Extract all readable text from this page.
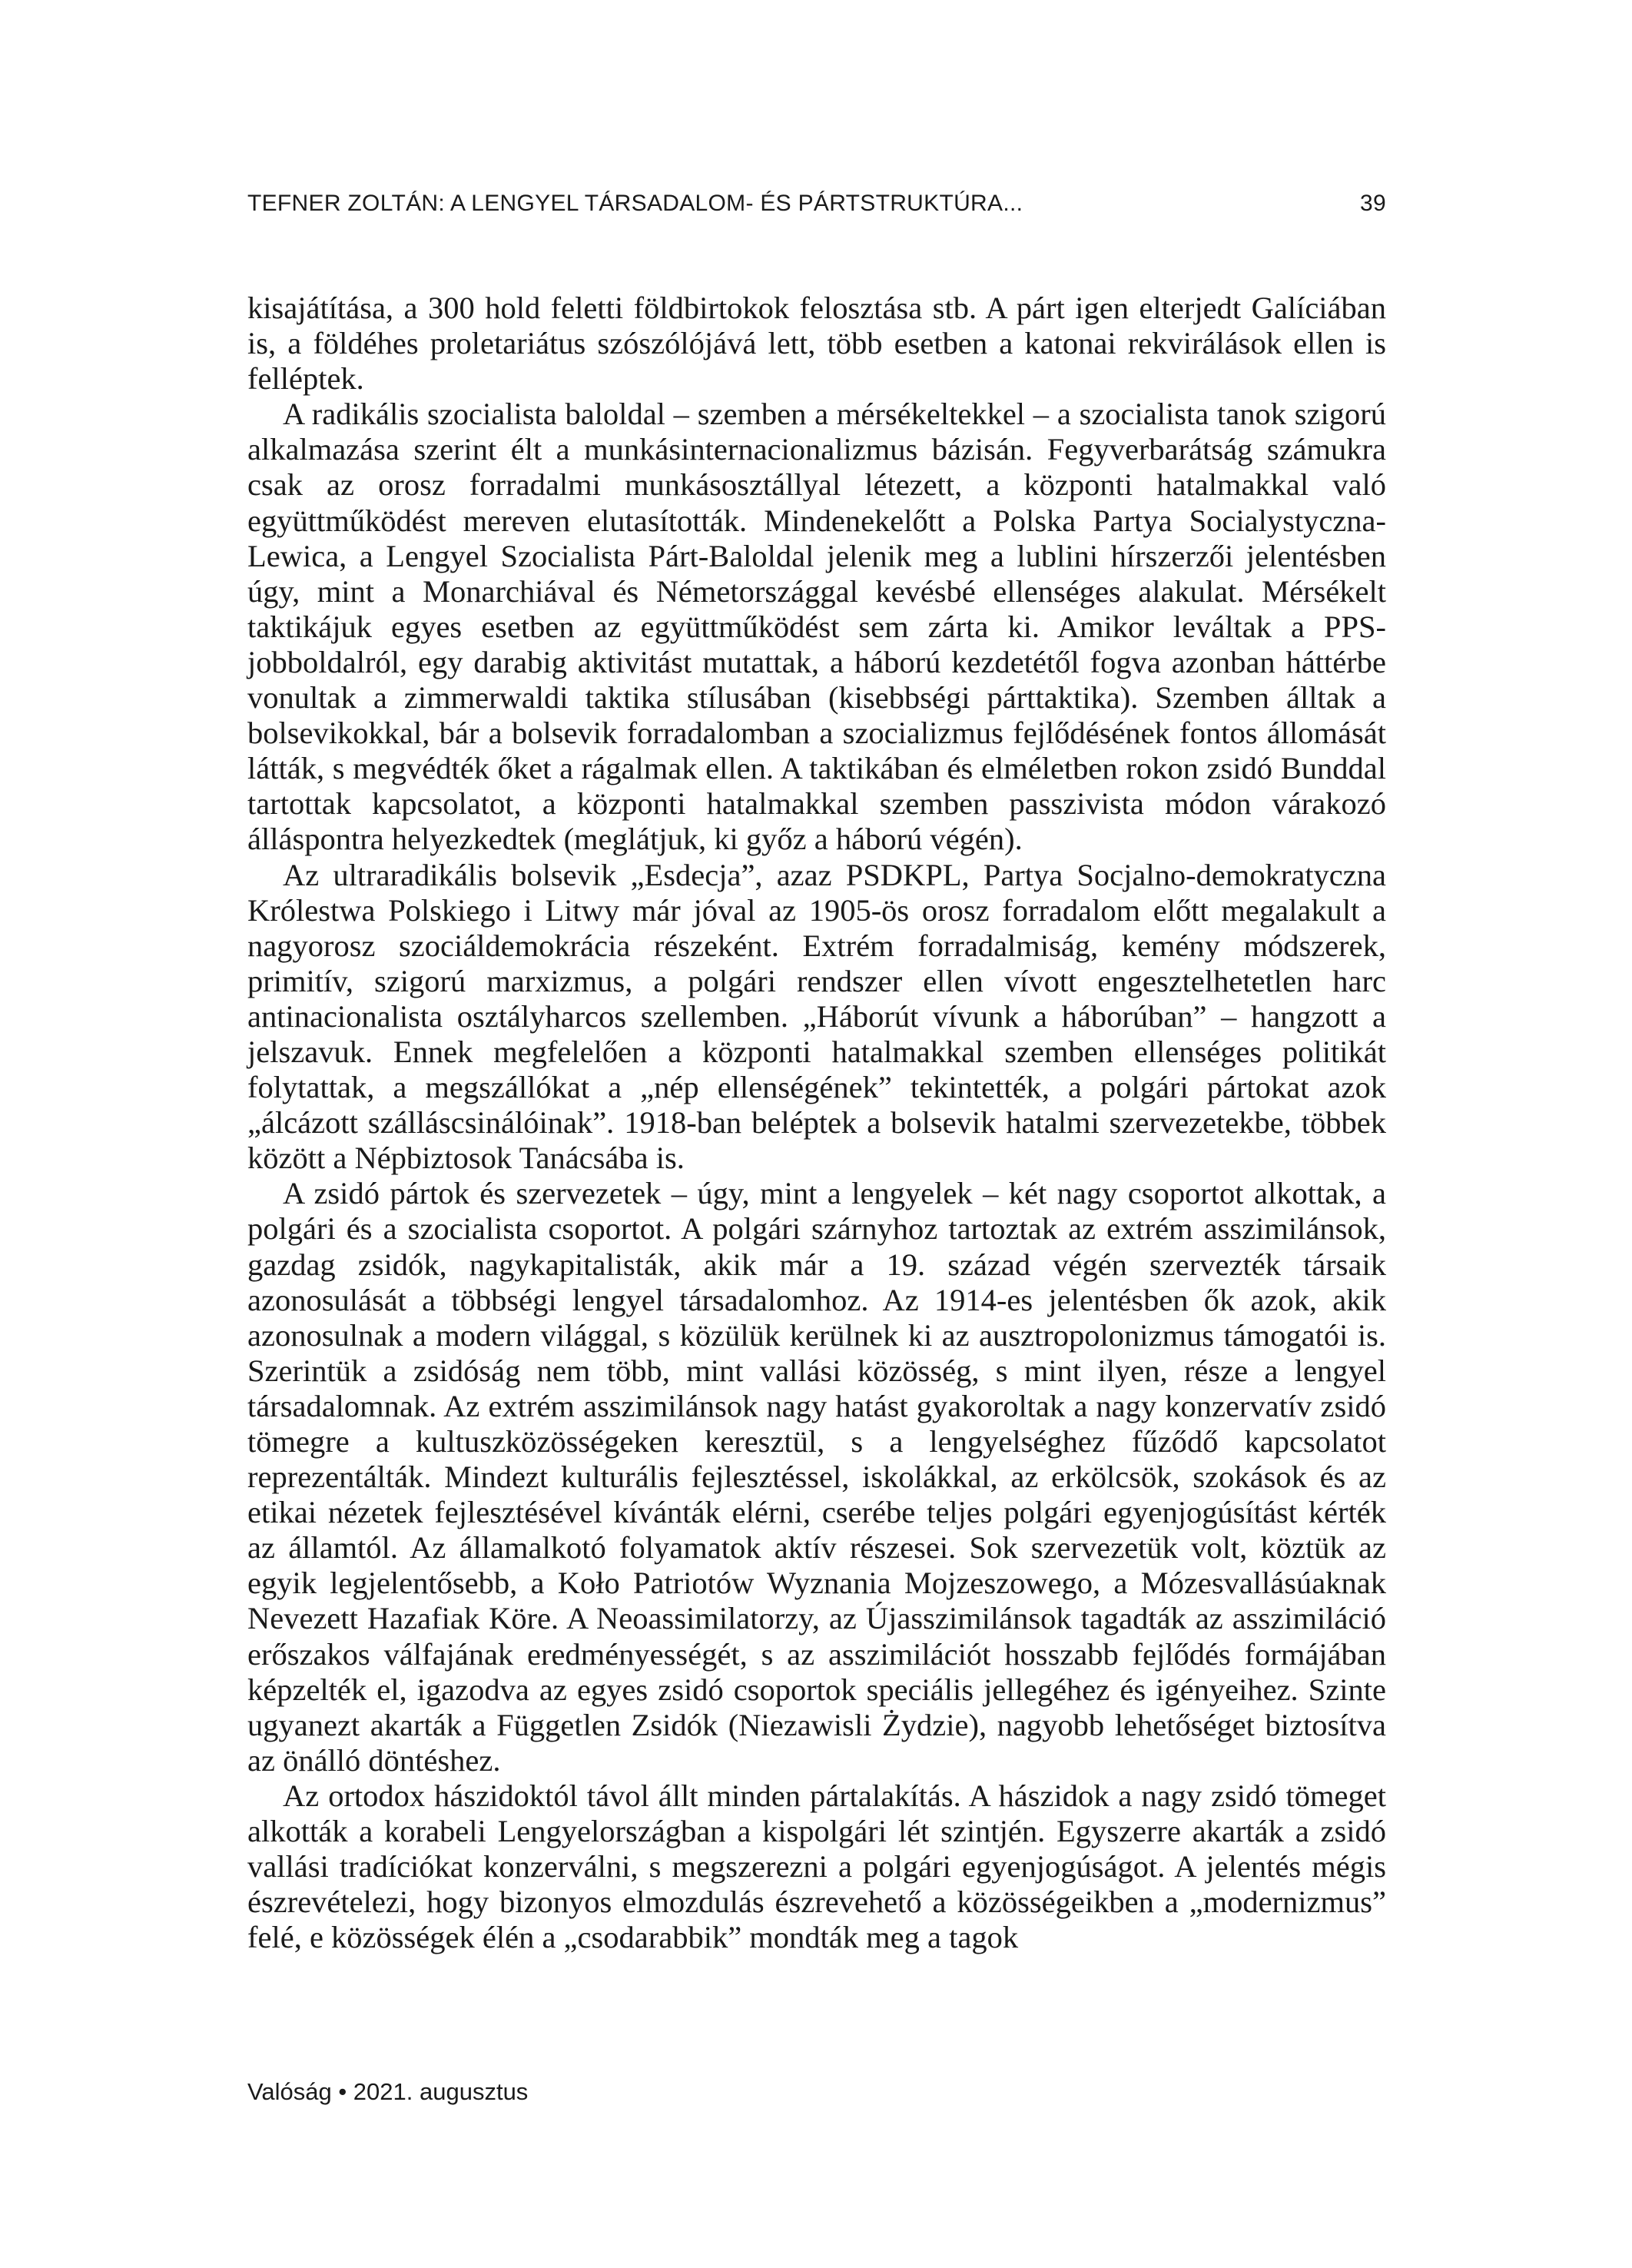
TEFNER ZOLTÁN: A LENGYEL TÁRSADALOM- ÉS PÁRTSTRUKTÚRA...	39

kisajátítása, a 300 hold feletti földbirtokok felosztása stb. A párt igen elterjedt Galíciában is, a földéhes proletariátus szószólójává lett, több esetben a katonai rekvirálások ellen is felléptek.

A radikális szocialista baloldal – szemben a mérsékeltekkel – a szocialista tanok szigorú alkalmazása szerint élt a munkásinternacionalizmus bázisán. Fegyverbarátság számukra csak az orosz forradalmi munkásosztállyal létezett, a központi hatalmakkal való együttműködést mereven elutasították. Mindenekelőtt a Polska Partya Socialystyczna-Lewica, a Lengyel Szocialista Párt-Baloldal jelenik meg a lublini hírszerzői jelentésben úgy, mint a Monarchiával és Németországgal kevésbé ellenséges alakulat. Mérsékelt taktikájuk egyes esetben az együttműködést sem zárta ki. Amikor leváltak a PPS-jobboldalról, egy darabig aktivitást mutattak, a háború kezdetétől fogva azonban háttérbe vonultak a zimmerwaldi taktika stílusában (kisebbségi párttaktika). Szemben álltak a bolsevikokkal, bár a bolsevik forradalomban a szocializmus fejlődésének fontos állomását látták, s megvédték őket a rágalmak ellen. A taktikában és elméletben rokon zsidó Bunddal tartottak kapcsolatot, a központi hatalmakkal szemben passzivista módon várakozó álláspontra helyezkedtek (meglátjuk, ki győz a háború végén).

Az ultraradikális bolsevik „Esdecja”, azaz PSDKPL, Partya Socjalno-demokratyczna Królestwa Polskiego i Litwy már jóval az 1905-ös orosz forradalom előtt megalakult a nagyorosz szociáldemokrácia részeként. Extrém forradalmiság, kemény módszerek, primitív, szigorú marxizmus, a polgári rendszer ellen vívott engesztelhetetlen harc antinacionalista osztályharcos szellemben. „Háborút vívunk a háborúban” – hangzott a jelszavuk. Ennek megfelelően a központi hatalmakkal szemben ellenséges politikát folytattak, a megszállókat a „nép ellenségének” tekintették, a polgári pártokat azok „álcázott szálláscsinálóinak”. 1918-ban beléptek a bolsevik hatalmi szervezetekbe, többek között a Népbiztosok Tanácsába is.

A zsidó pártok és szervezetek – úgy, mint a lengyelek – két nagy csoportot alkottak, a polgári és a szocialista csoportot. A polgári szárnyhoz tartoztak az extrém asszimilánsok, gazdag zsidók, nagykapitalisták, akik már a 19. század végén szervezték társaik azonosulását a többségi lengyel társadalomhoz. Az 1914-es jelentésben ők azok, akik azonosulnak a modern világgal, s közülük kerülnek ki az ausztropolonizmus támogatói is. Szerintük a zsidóság nem több, mint vallási közösség, s mint ilyen, része a lengyel társadalomnak. Az extrém asszimilánsok nagy hatást gyakoroltak a nagy konzervatív zsidó tömegre a kultuszközösségeken keresztül, s a lengyelséghez fűződő kapcsolatot reprezentálták. Mindezt kulturális fejlesztéssel, iskolákkal, az erkölcsök, szokások és az etikai nézetek fejlesztésével kívánták elérni, cserébe teljes polgári egyenjogúsítást kérték az államtól. Az államalkotó folyamatok aktív részesei. Sok szervezetük volt, köztük az egyik legjelentősebb, a Koło Patriotów Wyznania Mojzeszowego, a Mózesvallásúaknak Nevezett Hazafiak Köre. A Neoassimilatorzy, az Újasszimilánsok tagadták az asszimiláció erőszakos válfajának eredményességét, s az asszimilációt hosszabb fejlődés formájában képzelték el, igazodva az egyes zsidó csoportok speciális jellegéhez és igényeihez. Szinte ugyanezt akarták a Független Zsidók (Niezawisli Żydzie), nagyobb lehetőséget biztosítva az önálló döntéshez.

Az ortodox hászidoktól távol állt minden pártalakítás. A hászidok a nagy zsidó tömeget alkották a korabeli Lengyelországban a kispolgári lét szintjén. Egyszerre akarták a zsidó vallási tradíciókat konzerválni, s megszerezni a polgári egyenjogúságot. A jelentés mégis észrevételezi, hogy bizonyos elmozdulás észrevehető a közösségeikben a „modernizmus” felé, e közösségek élén a „csodarabbik” mondták meg a tagok

Valóság • 2021. augusztus
